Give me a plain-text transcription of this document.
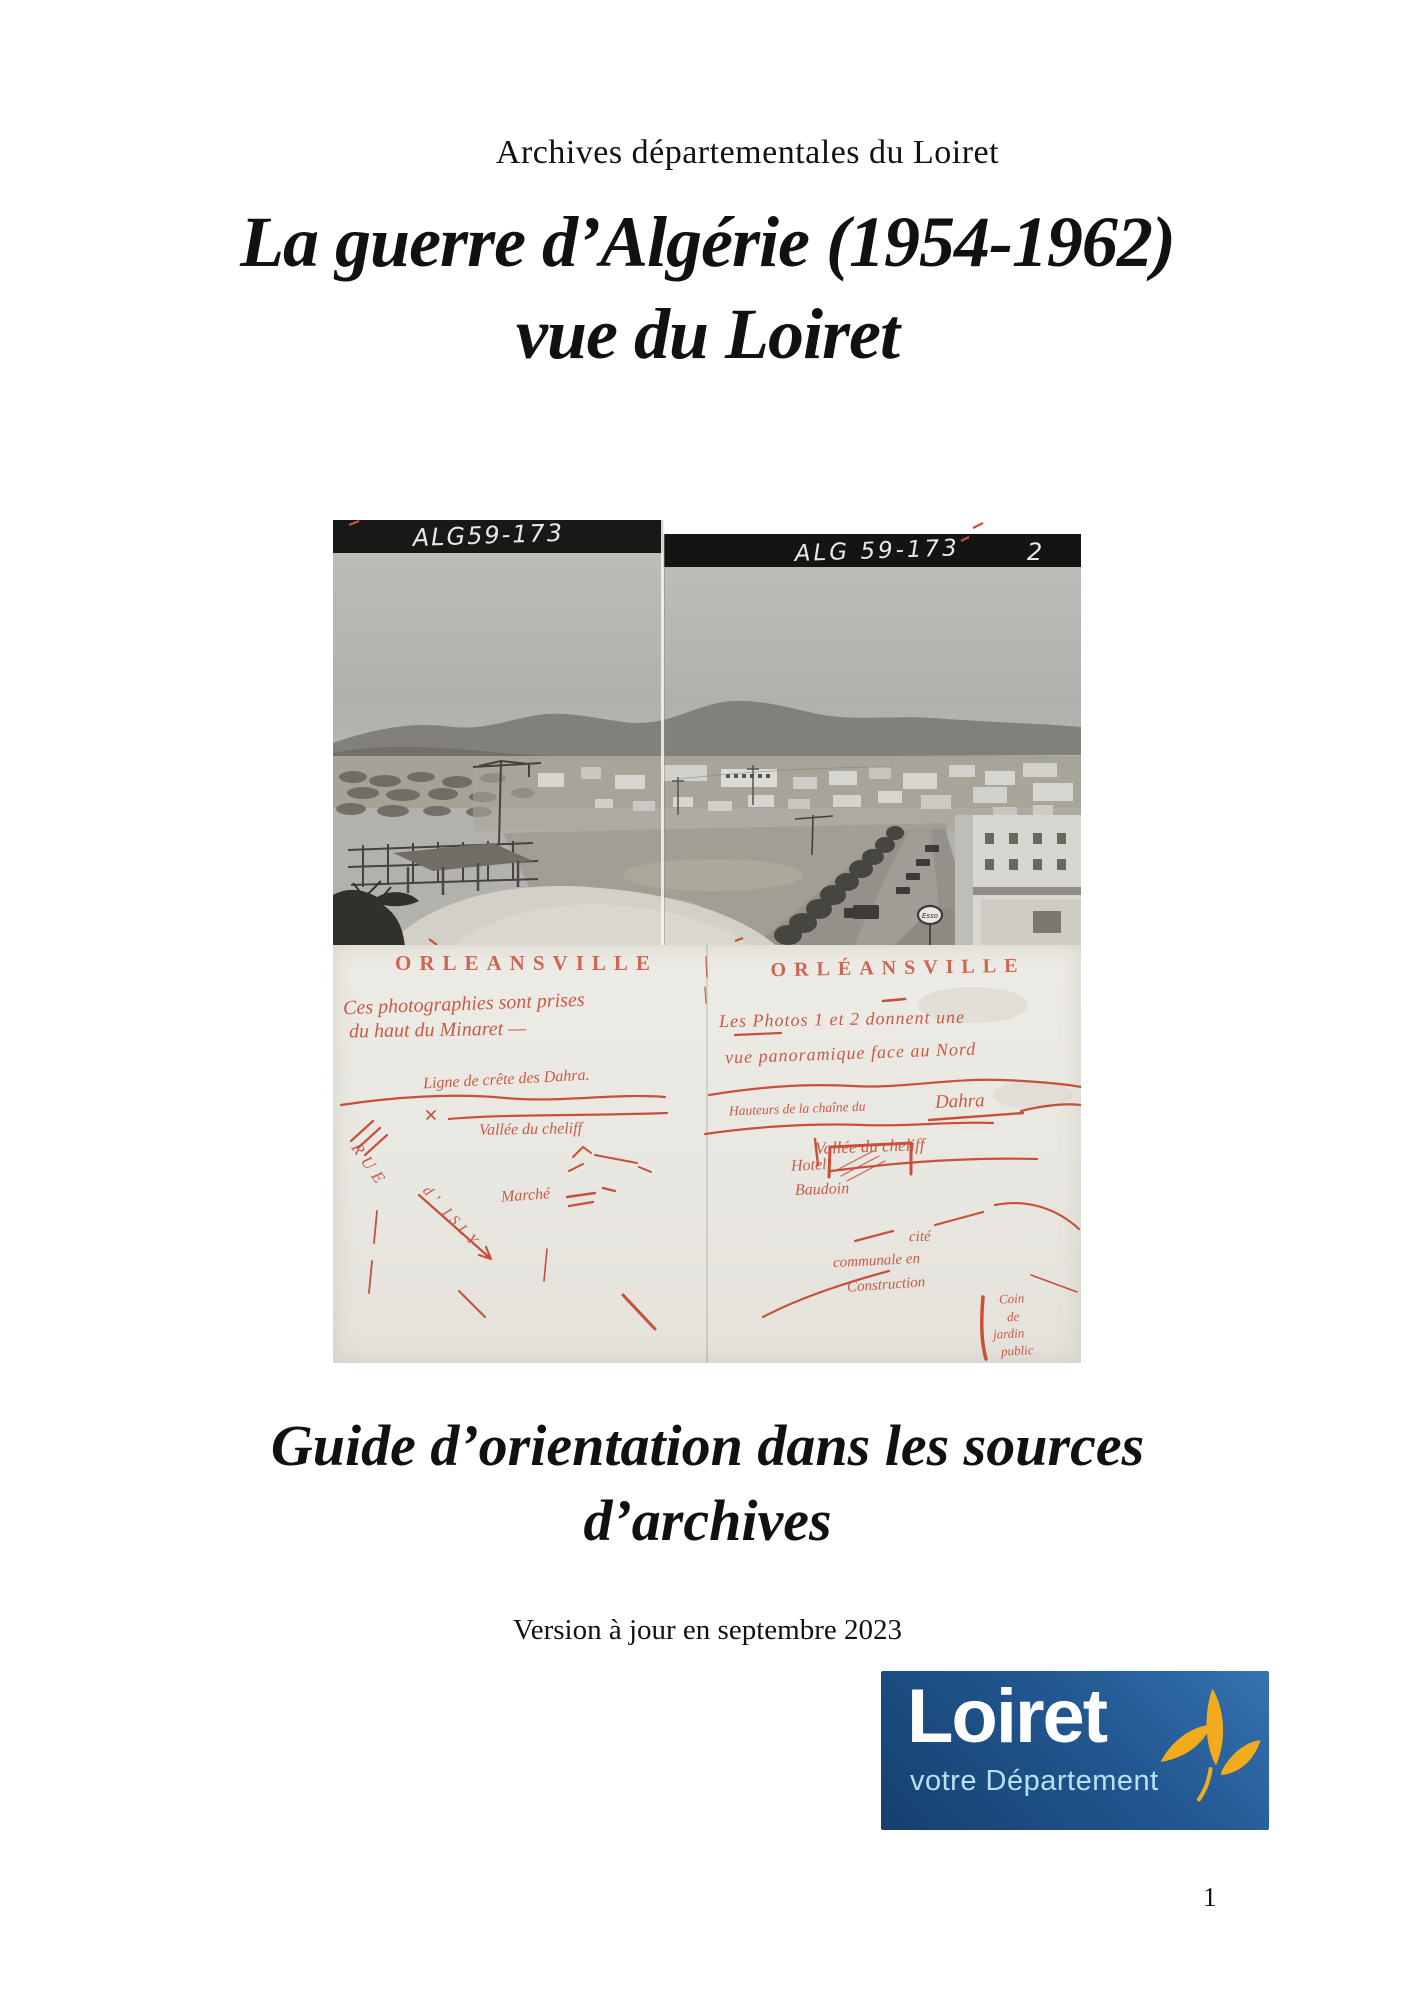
Archives départementales du Loiret
La guerre d’Algérie (1954-1962)
vue du Loiret
ALG59-173	ALG 59-173	2
Esso
ORLEANSVILLE
Ces photographies sont prises
du haut du Minaret —
Ligne de crête des Dahra.
Vallée du cheliff
RUE
d’ ISLY Marché
ORLÉANSVILLE
Les Photos 1 et 2 donnent une
vue panoramique face au Nord
Hauteurs de la chaîne du	Dahra
Vallée du cheliff
Hotel
Baudoin
cité
communale en
Construction
Coin
de
jardin
public
Guide d’orientation dans les sources
d’archives
Version à jour en septembre 2023
Loiret
votre Département
1
